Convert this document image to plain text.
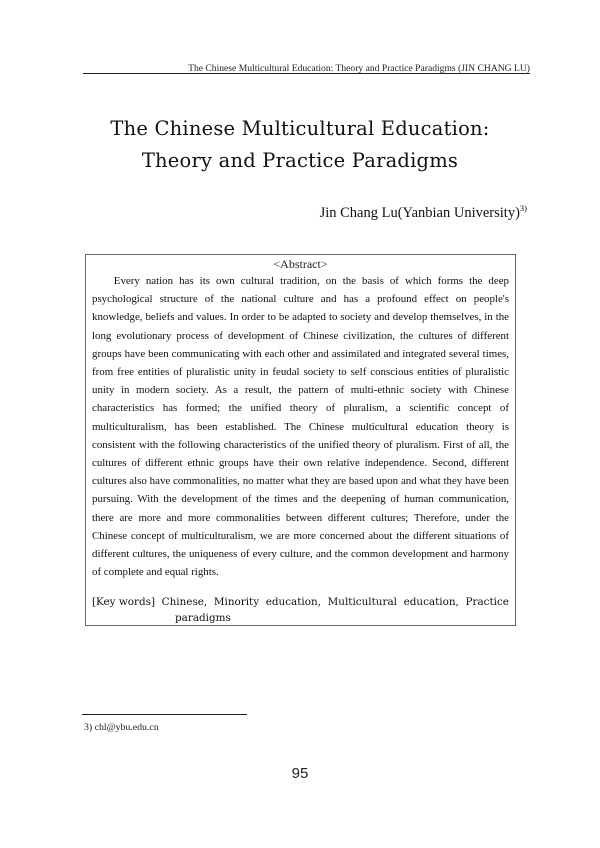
The Chinese Multicultural Education: Theory and Practice Paradigms (JIN CHANG LU)
The Chinese Multicultural Education:
Theory and Practice Paradigms
Jin Chang Lu(Yanbian University)$^{3)}$
<Abstract>

Every nation has its own cultural tradition, on the basis of which forms the deep psychological structure of the national culture and has a profound effect on people's knowledge, beliefs and values. In order to be adapted to society and develop themselves, in the long evolutionary process of development of Chinese civilization, the cultures of different groups have been communicating with each other and assimilated and integrated several times, from free entities of pluralistic unity in feudal society to self conscious entities of pluralistic unity in modern society. As a result, the pattern of multi-ethnic society with Chinese characteristics has formed; the unified theory of pluralism, a scientific concept of multiculturalism, has been established. The Chinese multicultural education theory is consistent with the following characteristics of the unified theory of pluralism. First of all, the cultures of different ethnic groups have their own relative independence. Second, different cultures also have commonalities, no matter what they are based upon and what they have been pursuing. With the development of the times and the deepening of human communication, there are more and more commonalities between different cultures; Therefore, under the Chinese concept of multiculturalism, we are more concerned about the different situations of different cultures, the uniqueness of every culture, and the common development and harmony of complete and equal rights.

[Key words] Chinese, Minority education, Multicultural education, Practice
paradigms
3) chl@ybu.edu.cn
95
